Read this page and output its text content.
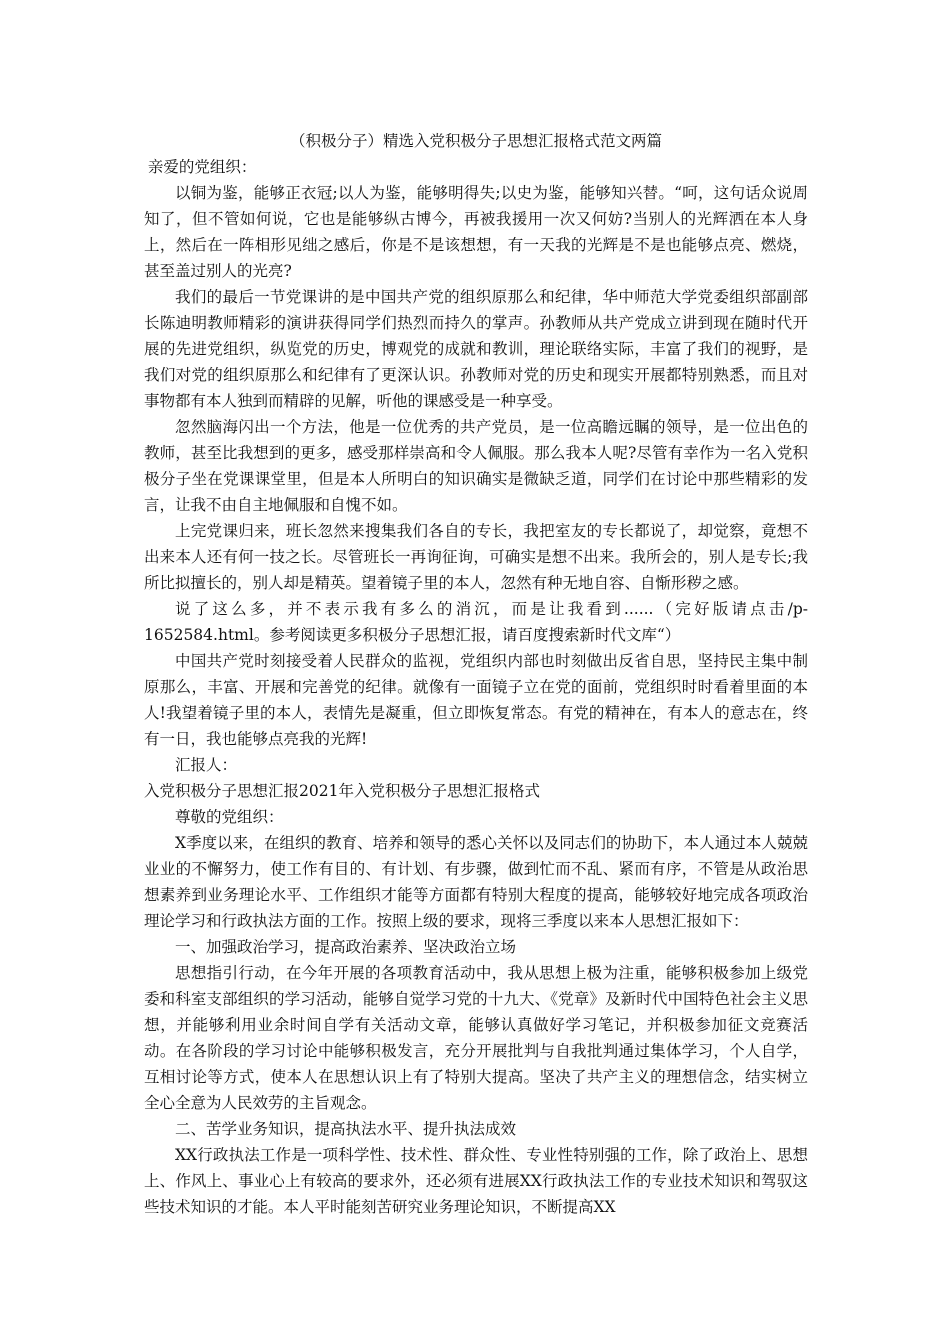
（积极分子）精选入党积极分子思想汇报格式范文两篇

亲爱的党组织：

以铜为鉴，能够正衣冠;以人为鉴，能够明得失;以史为鉴，能够知兴替。“呵，这句话众说周知了，但不管如何说，它也是能够纵古博今，再被我援用一次又何妨?当别人的光辉洒在本人身上，然后在一阵相形见绌之感后，你是不是该想想，有一天我的光辉是不是也能够点亮、燃烧，甚至盖过别人的光亮?

我们的最后一节党课讲的是中国共产党的组织原那么和纪律，华中师范大学党委组织部副部长陈迪明教师精彩的演讲获得同学们热烈而持久的掌声。孙教师从共产党成立讲到现在随时代开展的先进党组织，纵览党的历史，博观党的成就和教训，理论联络实际，丰富了我们的视野，是我们对党的组织原那么和纪律有了更深认识。孙教师对党的历史和现实开展都特别熟悉，而且对事物都有本人独到而精辟的见解，听他的课感受是一种享受。

忽然脑海闪出一个方法，他是一位优秀的共产党员，是一位高瞻远瞩的领导，是一位出色的教师，甚至比我想到的更多，感受那样崇高和令人佩服。那么我本人呢?尽管有幸作为一名入党积极分子坐在党课课堂里，但是本人所明白的知识确实是微缺乏道，同学们在讨论中那些精彩的发言，让我不由自主地佩服和自愧不如。

上完党课归来，班长忽然来搜集我们各自的专长，我把室友的专长都说了，却觉察，竟想不出来本人还有何一技之长。尽管班长一再询征询，可确实是想不出来。我所会的，别人是专长;我所比拟擅长的，别人却是精英。望着镜子里的本人，忽然有种无地自容、自惭形秽之感。

说了这么多，并不表示我有多么的消沉，而是让我看到......（完好版请点击/p-1652584.html。参考阅读更多积极分子思想汇报，请百度搜索新时代文库“）

中国共产党时刻接受着人民群众的监视，党组织内部也时刻做出反省自思，坚持民主集中制原那么，丰富、开展和完善党的纪律。就像有一面镜子立在党的面前，党组织时时看着里面的本人!我望着镜子里的本人，表情先是凝重，但立即恢复常态。有党的精神在，有本人的意志在，终有一日，我也能够点亮我的光辉!

汇报人：

入党积极分子思想汇报2021年入党积极分子思想汇报格式

尊敬的党组织：

X季度以来，在组织的教育、培养和领导的悉心关怀以及同志们的协助下，本人通过本人兢兢业业的不懈努力，使工作有目的、有计划、有步骤，做到忙而不乱、紧而有序，不管是从政治思想素养到业务理论水平、工作组织才能等方面都有特别大程度的提高，能够较好地完成各项政治理论学习和行政执法方面的工作。按照上级的要求，现将三季度以来本人思想汇报如下：

一、加强政治学习，提高政治素养、坚决政治立场

思想指引行动，在今年开展的各项教育活动中，我从思想上极为注重，能够积极参加上级党委和科室支部组织的学习活动，能够自觉学习党的十九大、《党章》及新时代中国特色社会主义思想，并能够利用业余时间自学有关活动文章，能够认真做好学习笔记，并积极参加征文竞赛活动。在各阶段的学习讨论中能够积极发言，充分开展批判与自我批判通过集体学习，个人自学，互相讨论等方式，使本人在思想认识上有了特别大提高。坚决了共产主义的理想信念，结实树立全心全意为人民效劳的主旨观念。

二、苦学业务知识，提高执法水平、提升执法成效

XX行政执法工作是一项科学性、技术性、群众性、专业性特别强的工作，除了政治上、思想上、作风上、事业心上有较高的要求外，还必须有进展XX行政执法工作的专业技术知识和驾驭这些技术知识的才能。本人平时能刻苦研究业务理论知识，不断提高XX
